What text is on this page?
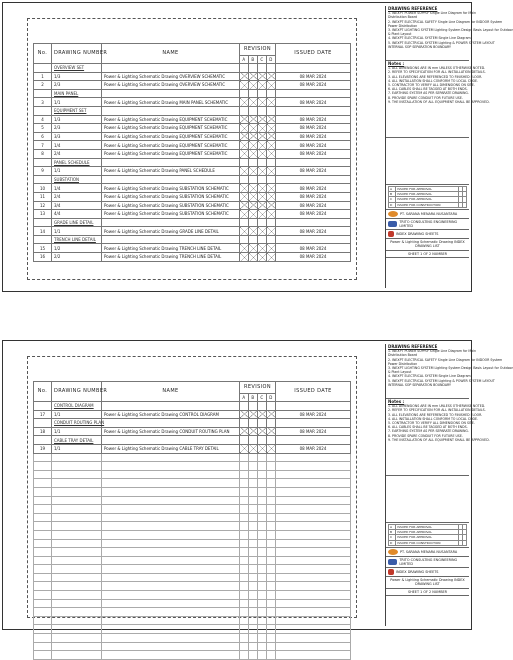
No.	DRAWING NUMBER	NAME	REVISION				ISSUED DATE
			A	B	C	D	
	OVERVIEW SET						
1	1/3	Power & Lighting Schematic Drawing OVERVIEW SCHEMATIC					08 MAR 2024
2	2/3	Power & Lighting Schematic Drawing OVERVIEW SCHEMATIC					08 MAR 2024
	MAIN PANEL						
3	1/1	Power & Lighting Schematic Drawing MAIN PANEL SCHEMATIC					08 MAR 2024
	EQUIPMENT SET						
4	1/3	Power & Lighting Schematic Drawing EQUIPMENT SCHEMATIC					08 MAR 2024
5	2/3	Power & Lighting Schematic Drawing EQUIPMENT SCHEMATIC					08 MAR 2024
6	3/3	Power & Lighting Schematic Drawing EQUIPMENT SCHEMATIC					08 MAR 2024
7	1/4	Power & Lighting Schematic Drawing EQUIPMENT SCHEMATIC					08 MAR 2024
8	2/4	Power & Lighting Schematic Drawing EQUIPMENT SCHEMATIC					08 MAR 2024
	PANEL SCHEDULE						
9	1/1	Power & Lighting Schematic Drawing PANEL SCHEDULE					08 MAR 2024
	SUBSTATION						
10	1/4	Power & Lighting Schematic Drawing SUBSTATION SCHEMATIC					08 MAR 2024
11	2/4	Power & Lighting Schematic Drawing SUBSTATION SCHEMATIC					08 MAR 2024
12	3/4	Power & Lighting Schematic Drawing SUBSTATION SCHEMATIC					08 MAR 2024
13	4/4	Power & Lighting Schematic Drawing SUBSTATION SCHEMATIC					08 MAR 2024
	GRADE LINE DETAIL						
14	1/1	Power & Lighting Schematic Drawing GRADE LINE DETAIL					08 MAR 2024
	TRENCH LINE DETAIL						
15	1/2	Power & Lighting Schematic Drawing TRENCH LINE DETAIL					08 MAR 2024
16	2/2	Power & Lighting Schematic Drawing TRENCH LINE DETAIL					08 MAR 2024
DRAWING REFERENCE
1. INEXPT POWER SUPPLY Single Line Diagram for Main
Distribution Board
2. INEXPT ELECTRICAL SAFETY Single Line Diagram for INDOOR System
Power Distribution
3. INEXPT LIGHTING SYSTEM Lighting System Design Basis Layout for Outdoor
& Plant Layout
4. INEXPT ELECTRICAL SYSTEM Single Line Diagram
5. INEXPT ELECTRICAL SYSTEM Lighting & POWER SYSTEM LAYOUT
INTERNAL SOP SEPARATION BOUNDARY
Notes :
1. ALL DIMENSIONS ARE IN mm UNLESS OTHERWISE NOTED.
2. REFER TO SPECIFICATION FOR ALL INSTALLATION DETAILS.
3. ALL ELEVATIONS ARE REFERENCED TO FINISHED FLOOR.
4. ALL INSTALLATION SHALL CONFORM TO LOCAL CODE.
5. CONTRACTOR TO VERIFY ALL DIMENSIONS ON SITE.
6. ALL CABLES SHALL BE TAGGED AT BOTH ENDS.
7. EARTHING SYSTEM AS PER SEPARATE DRAWING.
8. PROVIDE SPARE CONDUIT FOR FUTURE USE.
9. THE INSTALLATION OF ALL EQUIPMENT SHALL BE APPROVED.
A	ISSUED FOR APPROVAL		
B	ISSUED FOR APPROVAL		
C	ISSUED FOR APPROVAL		
D	ISSUED FOR CONSTRUCTION		
PT. SARANA MENARA NUSANTARA
TRITO CONSULTING ENGINEERING LIMITED
INDEX DRAWING SHEETS
Power & Lighting Schematic Drawing INDEX DRAWING LIST
SHEET 1 OF 2 NUMBER
No.	DRAWING NUMBER	NAME	REVISION				ISSUED DATE
			A	B	C	D	
	CONTROL DIAGRAM						
17	1/1	Power & Lighting Schematic Drawing CONTROL DIAGRAM					08 MAR 2024
	CONDUIT ROUTING PLAN						
18	1/1	Power & Lighting Schematic Drawing CONDUIT ROUTING PLAN					08 MAR 2024
	CABLE TRAY DETAIL						
19	1/1	Power & Lighting Schematic Drawing CABLE TRAY DETAIL					08 MAR 2024

DRAWING REFERENCE
1. INEXPT POWER SUPPLY Single Line Diagram for Main
Distribution Board
2. INEXPT ELECTRICAL SAFETY Single Line Diagram for INDOOR System
Power Distribution
3. INEXPT LIGHTING SYSTEM Lighting System Design Basis Layout for Outdoor
& Plant Layout
4. INEXPT ELECTRICAL SYSTEM Single Line Diagram
5. INEXPT ELECTRICAL SYSTEM Lighting & POWER SYSTEM LAYOUT
INTERNAL SOP SEPARATION BOUNDARY
Notes :
1. ALL DIMENSIONS ARE IN mm UNLESS OTHERWISE NOTED.
2. REFER TO SPECIFICATION FOR ALL INSTALLATION DETAILS.
3. ALL ELEVATIONS ARE REFERENCED TO FINISHED FLOOR.
4. ALL INSTALLATION SHALL CONFORM TO LOCAL CODE.
5. CONTRACTOR TO VERIFY ALL DIMENSIONS ON SITE.
6. ALL CABLES SHALL BE TAGGED AT BOTH ENDS.
7. EARTHING SYSTEM AS PER SEPARATE DRAWING.
8. PROVIDE SPARE CONDUIT FOR FUTURE USE.
9. THE INSTALLATION OF ALL EQUIPMENT SHALL BE APPROVED.
A	ISSUED FOR APPROVAL		
B	ISSUED FOR APPROVAL		
C	ISSUED FOR APPROVAL		
D	ISSUED FOR CONSTRUCTION		
PT. SARANA MENARA NUSANTARA
TRITO CONSULTING ENGINEERING LIMITED
INDEX DRAWING SHEETS
Power & Lighting Schematic Drawing INDEX DRAWING LIST
SHEET 1 OF 2 NUMBER
